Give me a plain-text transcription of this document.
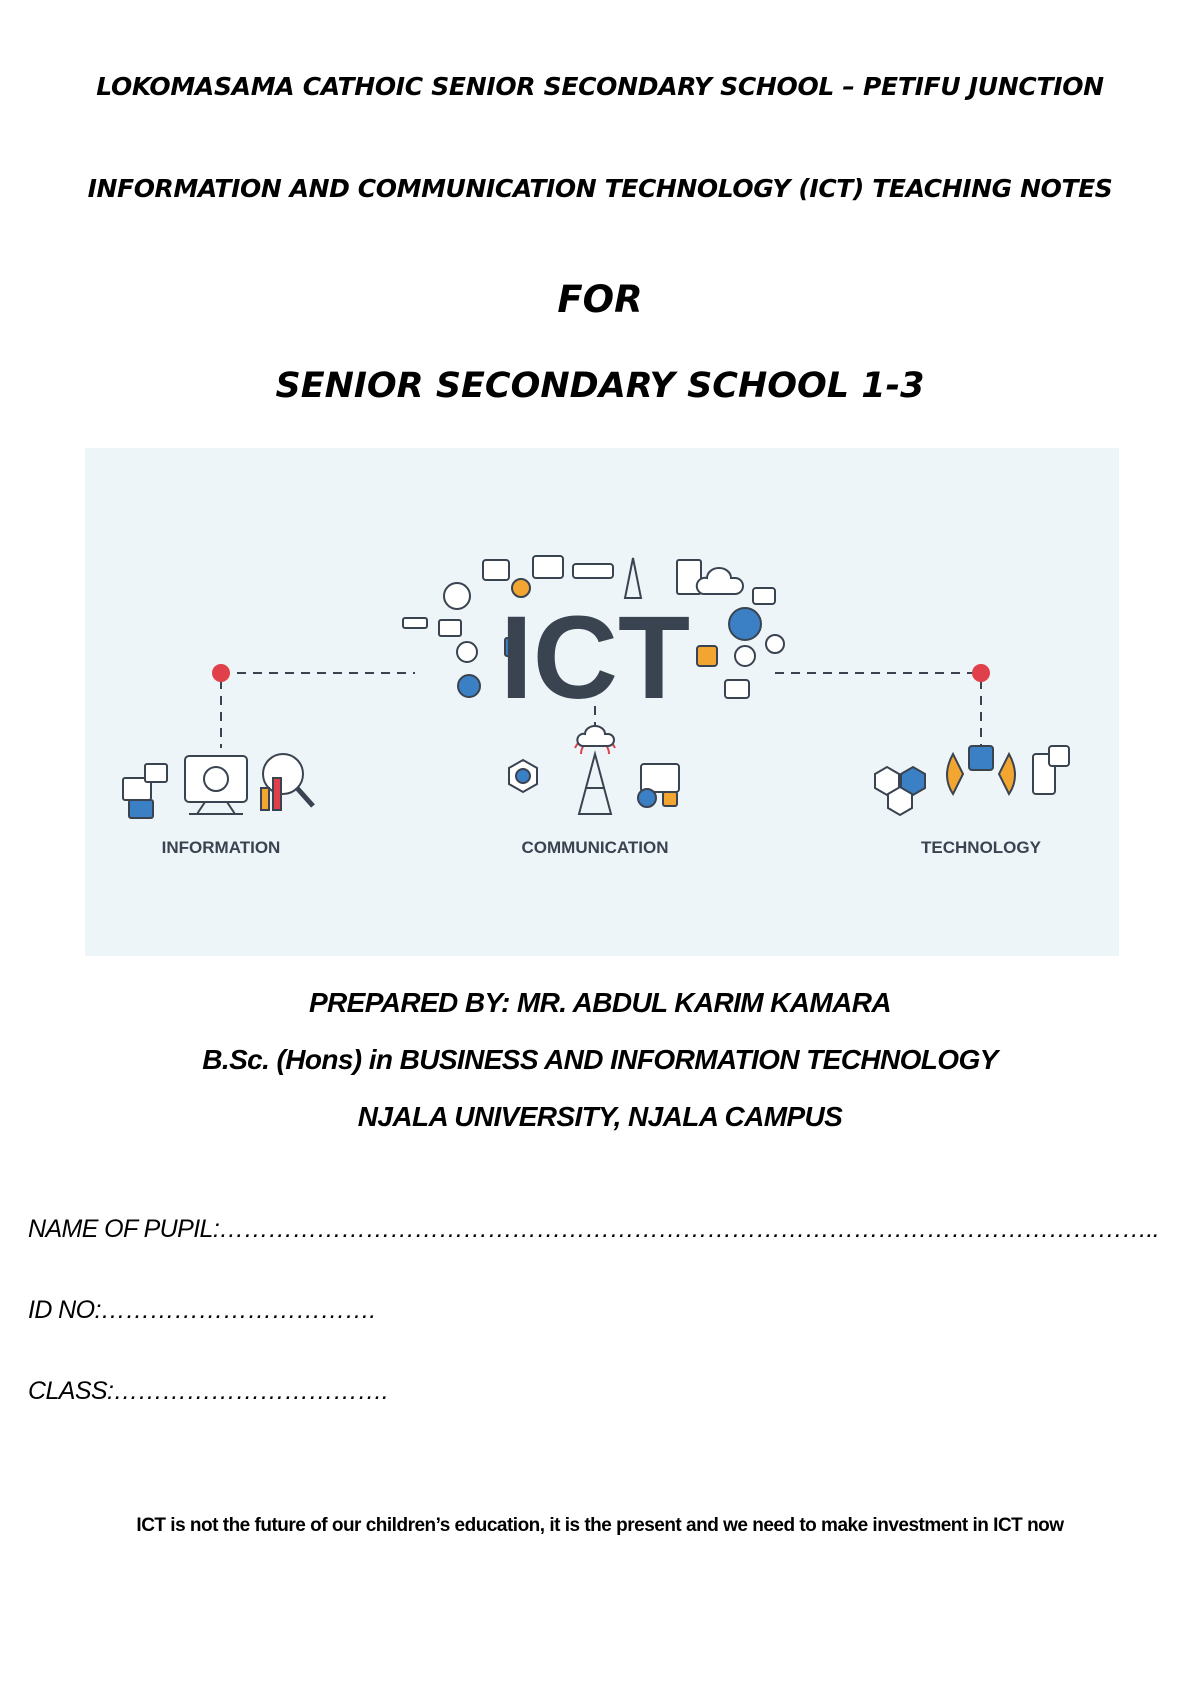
LOKOMASAMA CATHOIC SENIOR SECONDARY SCHOOL – PETIFU JUNCTION
INFORMATION AND COMMUNICATION TECHNOLOGY (ICT) TEACHING NOTES
FOR
SENIOR SECONDARY SCHOOL 1-3
ICT
INFORMATION	COMMUNICATION	TECHNOLOGY
PREPARED BY: MR. ABDUL KARIM KAMARA
B.Sc. (Hons) in BUSINESS AND INFORMATION TECHNOLOGY
NJALA UNIVERSITY, NJALA CAMPUS
NAME OF PUPIL:……………………………………………………………………………………………………..
ID NO:…………………………….
CLASS:…………………………….
ICT is not the future of our children’s education, it is the present and we need to make investment in ICT now
